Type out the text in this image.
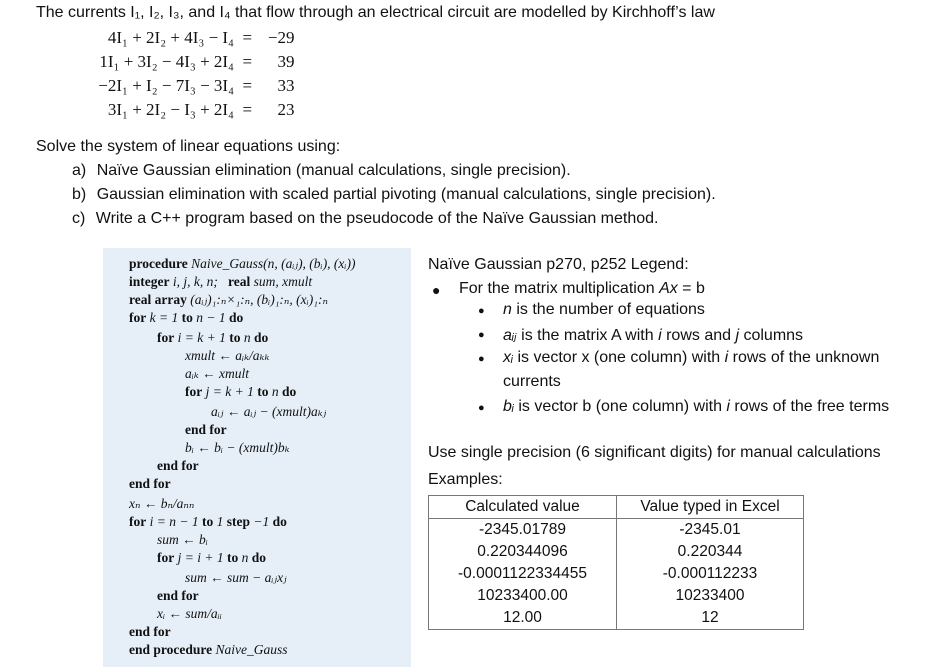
The currents I₁, I₂, I₃, and I₄ that flow through an electrical circuit are modelled by Kirchhoff’s law
4I₁ + 2I₂ + 4I₃ − I₄ = −29
1I₁ + 3I₂ − 4I₃ + 2I₄ = 39
−2I₁ + I₂ − 7I₃ − 3I₄ = 33
3I₁ + 2I₂ − I₃ + 2I₄ = 23
Solve the system of linear equations using:
a) Naïve Gaussian elimination (manual calculations, single precision).
b) Gaussian elimination with scaled partial pivoting (manual calculations, single precision).
c) Write a C++ program based on the pseudocode of the Naïve Gaussian method.
procedure Naive_Gauss(n, (aᵢⱼ), (bᵢ), (xᵢ))
integer i, j, k, n; real sum, xmult
real array (aᵢⱼ)₁:ₙ×₁:ₙ, (bᵢ)₁:ₙ, (xᵢ)₁:ₙ
for k = 1 to n − 1 do
for i = k + 1 to n do
xmult ← aᵢₖ/aₖₖ
aᵢₖ ← xmult
for j = k + 1 to n do
aᵢⱼ ← aᵢⱼ − (xmult)aₖⱼ
end for
bᵢ ← bᵢ − (xmult)bₖ
end for
end for
xₙ ← bₙ/aₙₙ
for i = n − 1 to 1 step −1 do
sum ← bᵢ
for j = i + 1 to n do
sum ← sum − aᵢⱼxⱼ
end for
xᵢ ← sum/aᵢᵢ
end for
end procedure Naive_Gauss
Naïve Gaussian p270, p252 Legend:
● For the matrix multiplication Ax = b
● n is the number of equations
● aᵢⱼ is the matrix A with i rows and j columns
● xᵢ is vector x (one column) with i rows of the unknown
currents
● bᵢ is vector b (one column) with i rows of the free terms
Use single precision (6 significant digits) for manual calculations
Examples:
Calculated value	Value typed in Excel
-2345.01789	-2345.01
0.220344096	0.220344
-0.0001122334455	-0.000112233
10233400.00	10233400
12.00	12
